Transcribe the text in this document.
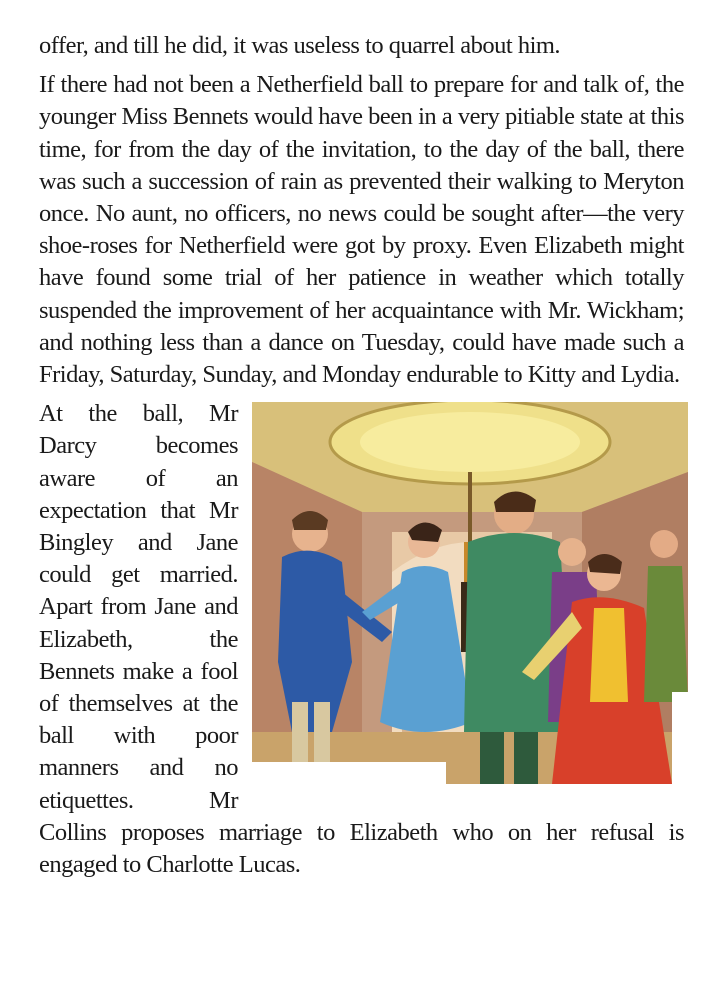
offer, and till he did, it was useless to quarrel about him.

If there had not been a Netherfield ball to prepare for and talk of, the younger Miss Bennets would have been in a very pitiable state at this time, for from the day of the invitation, to the day of the ball, there was such a succession of rain as prevented their walking to Meryton once. No aunt, no officers, no news could be sought after—the very shoe-roses for Netherfield were got by proxy. Even Elizabeth might have found some trial of her patience in weather which totally suspended the improvement of her acquaintance with Mr. Wickham; and nothing less than a dance on Tuesday, could have made such a Friday, Saturday, Sunday, and Monday endurable to Kitty and Lydia.

At the ball, Mr Darcy becomes aware of an expectation that Mr Bingley and Jane could get married. Apart from Jane and Elizabeth, the Bennets make a fool of themselves at the ball with poor manners and no etiquettes. Mr Collins proposes marriage to Elizabeth who on her refusal is engaged to Charlotte Lucas.
